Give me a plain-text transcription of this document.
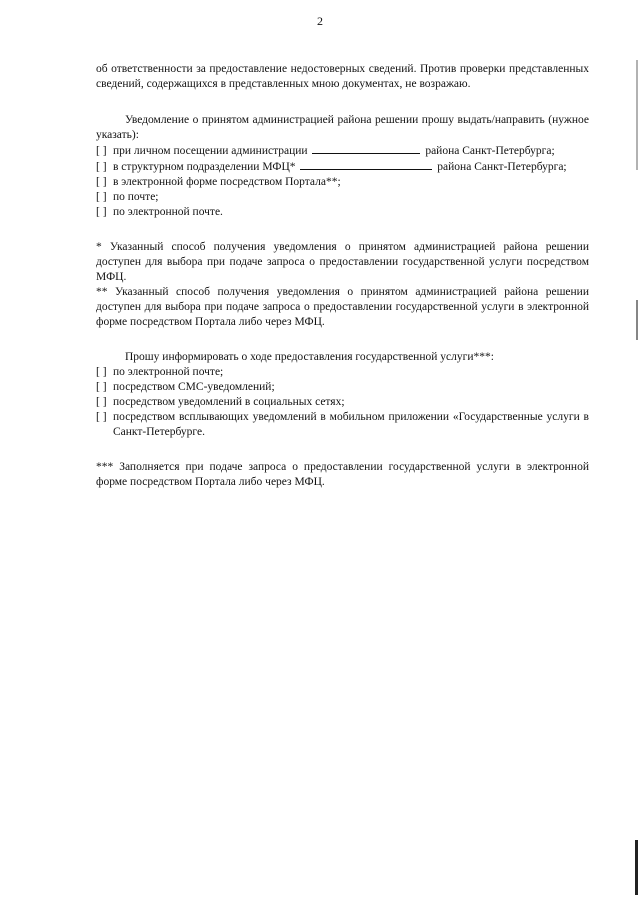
2

об ответственности за предоставление недостоверных сведений. Против проверки представленных сведений, содержащихся в представленных мною документах, не возражаю.

Уведомление о принятом администрацией района решении прошу выдать/направить (нужное указать):

[ ] при личном посещении администрации	района Санкт-Петербурга;
[ ] в структурном подразделении МФЦ*	района Санкт-Петербурга;
[ ] в электронной форме посредством Портала**;
[ ] по почте;
[ ] по электронной почте.

* Указанный способ получения уведомления о принятом администрацией района решении доступен для выбора при подаче запроса о предоставлении государственной услуги посредством МФЦ.

** Указанный способ получения уведомления о принятом администрацией района решении доступен для выбора при подаче запроса о предоставлении государственной услуги в электронной форме посредством Портала либо через МФЦ.

Прошу информировать о ходе предоставления государственной услуги***:

[ ] по электронной почте;
[ ] посредством СМС-уведомлений;
[ ] посредством уведомлений в социальных сетях;
[ ] посредством всплывающих уведомлений в мобильном приложении «Государственные услуги в Санкт-Петербурге.

*** Заполняется при подаче запроса о предоставлении государственной услуги в электронной форме посредством Портала либо через МФЦ.
